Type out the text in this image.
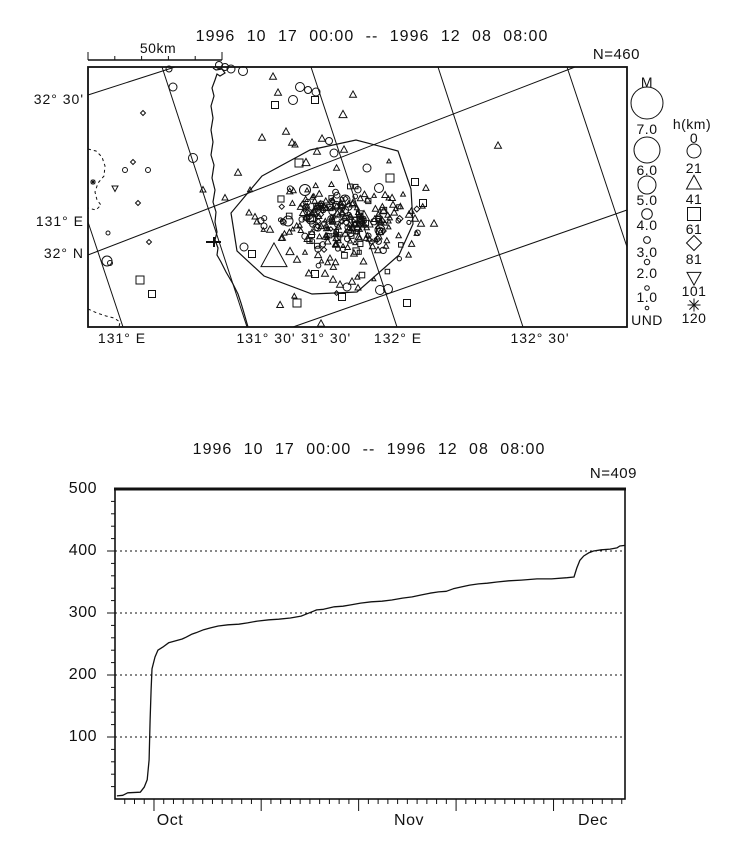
1996 10 17 00:00 -- 1996 12 08 08:00
N=460
50km
M
h(km)
32° 30'
131° E
32° N
131° E	131° 30' 31° 30' 132° E	132° 30'
7.0
6.0
5.0
4.0
3.0
2.0
1.0
UND
0
21
41
61
81
101
120
1996 10 17 00:00 -- 1996 12 08 08:00
N=409
100
200
300
400
500
Oct	Nov	Dec
